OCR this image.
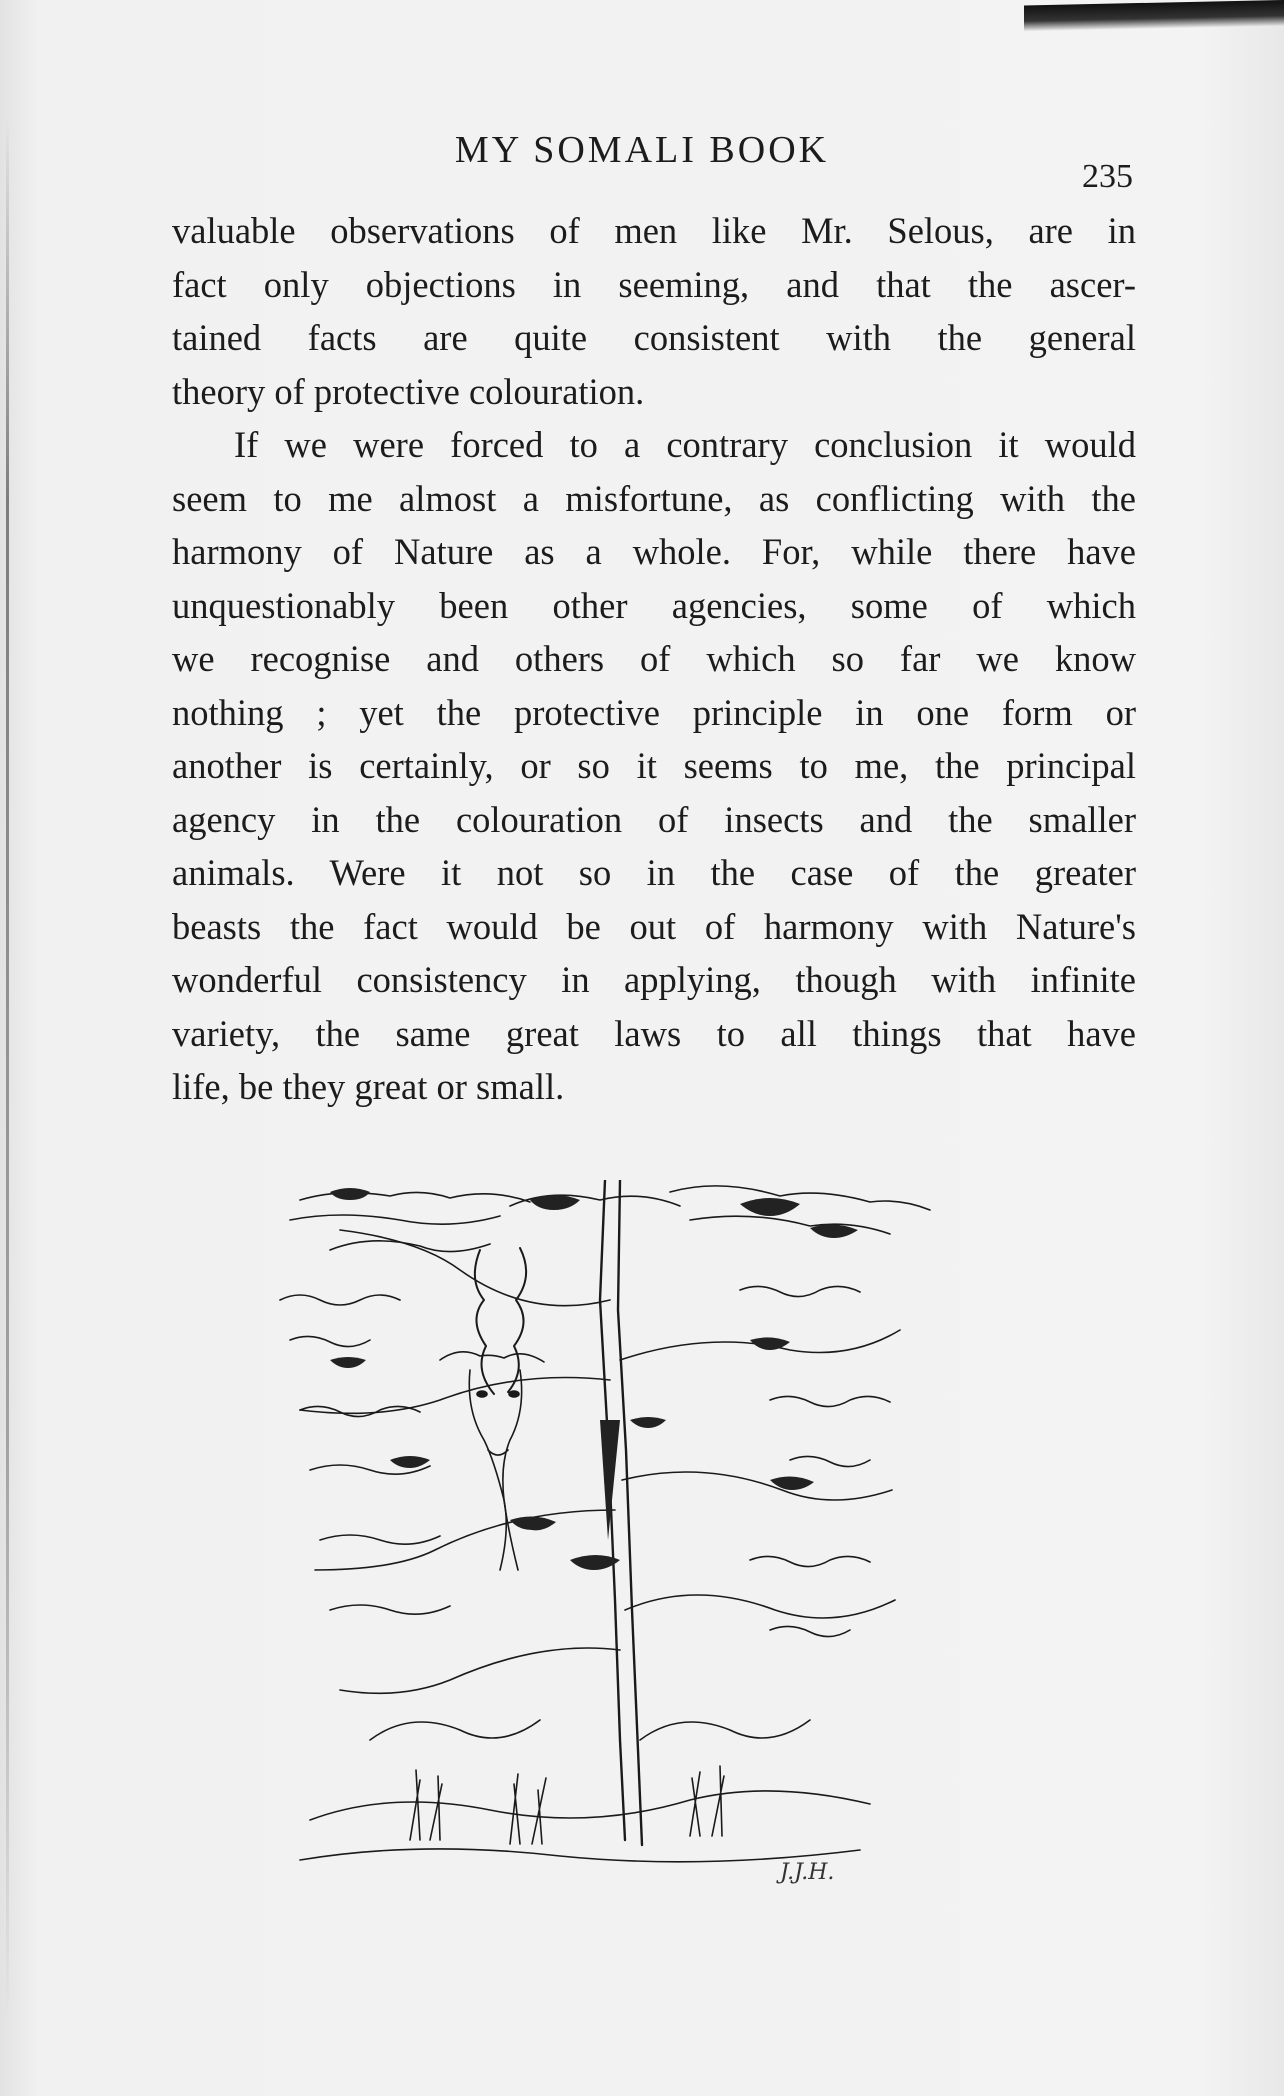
MY SOMALI BOOK
235
valuable observations of men like Mr. Selous, are in
fact only objections in seeming, and that the ascer-
tained facts are quite consistent with the general
theory of protective colouration.
If we were forced to a contrary conclusion it would
seem to me almost a misfortune, as conflicting with the
harmony of Nature as a whole. For, while there have
unquestionably been other agencies, some of which
we recognise and others of which so far we know
nothing ; yet the protective principle in one form or
another is certainly, or so it seems to me, the principal
agency in the colouration of insects and the smaller
animals. Were it not so in the case of the greater
beasts the fact would be out of harmony with Nature's
wonderful consistency in applying, though with infinite
variety, the same great laws to all things that have
life, be they great or small.
J.J.H.
